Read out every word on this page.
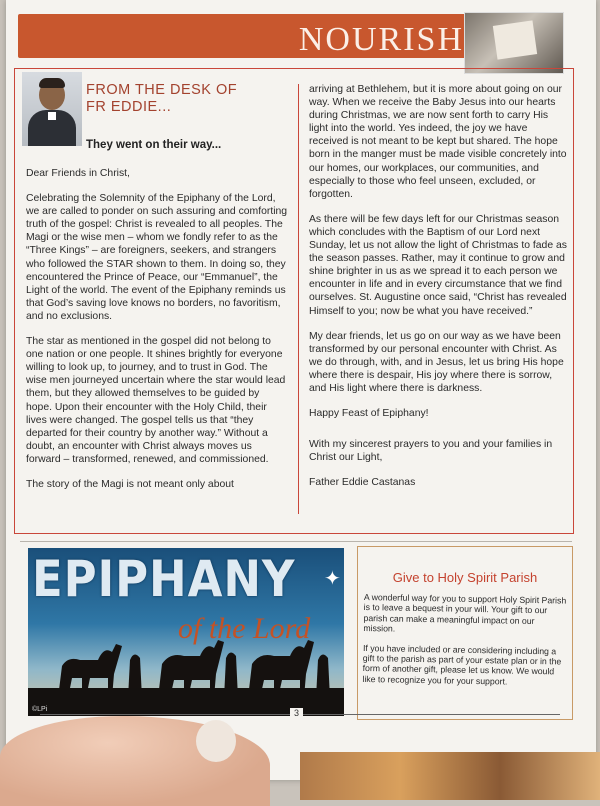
NOURISH
FROM THE DESK OF
FR EDDIE...
They went on their way...

Dear Friends in Christ,

Celebrating the Solemnity of the Epiphany of the Lord, we are called to ponder on such assuring and comforting truth of the gospel: Christ is revealed to all peoples. The Magi or the wise men – whom we fondly refer to as the “Three Kings” – are foreigners, seekers, and strangers who followed the STAR shown to them. In doing so, they encountered the Prince of Peace, our “Emmanuel”, the Light of the world. The event of the Epiphany reminds us that God’s saving love knows no borders, no favoritism, and no exclusions.

The star as mentioned in the gospel did not belong to one nation or one people. It shines brightly for everyone willing to look up, to journey, and to trust in God. The wise men journeyed uncertain where the star would lead them, but they allowed themselves to be guided by hope. Upon their encounter with the Holy Child, their lives were changed. The gospel tells us that “they departed for their country by another way.” Without a doubt, an encounter with Christ always moves us forward – transformed, renewed, and commissioned.

The story of the Magi is not meant only about

arriving at Bethlehem, but it is more about going on our way. When we receive the Baby Jesus into our hearts during Christmas, we are now sent forth to carry His light into the world. Yes indeed, the joy we have received is not meant to be kept but shared. The hope born in the manger must be made visible concretely into our homes, our workplaces, our communities, and especially to those who feel unseen, excluded, or forgotten.

As there will be few days left for our Christmas season which concludes with the Baptism of our Lord next Sunday, let us not allow the light of Christmas to fade as the season passes. Rather, may it continue to grow and shine brighter in us as we spread it to each person we encounter in life and in every circumstance that we find ourselves. St. Augustine once said, “Christ has revealed Himself to you; now be what you have received.”

My dear friends, let us go on our way as we have been transformed by our personal encounter with Christ. As we do through, with, and in Jesus, let us bring His hope where there is despair, His joy where there is sorrow, and His light where there is darkness.

Happy Feast of Epiphany!

With my sincerest prayers to you and your families in Christ our Light,

Father Eddie Castanas

EPIPHANY
of the Lord
✦
©LPi
Give to Holy Spirit Parish

A wonderful way for you to support Holy Spirit Parish is to leave a bequest in your will. Your gift to our parish can make a meaningful impact on our mission.

If you have included or are considering including a gift to the parish as part of your estate plan or in the form of another gift, please let us know. We would like to recognize you for your support.

3
